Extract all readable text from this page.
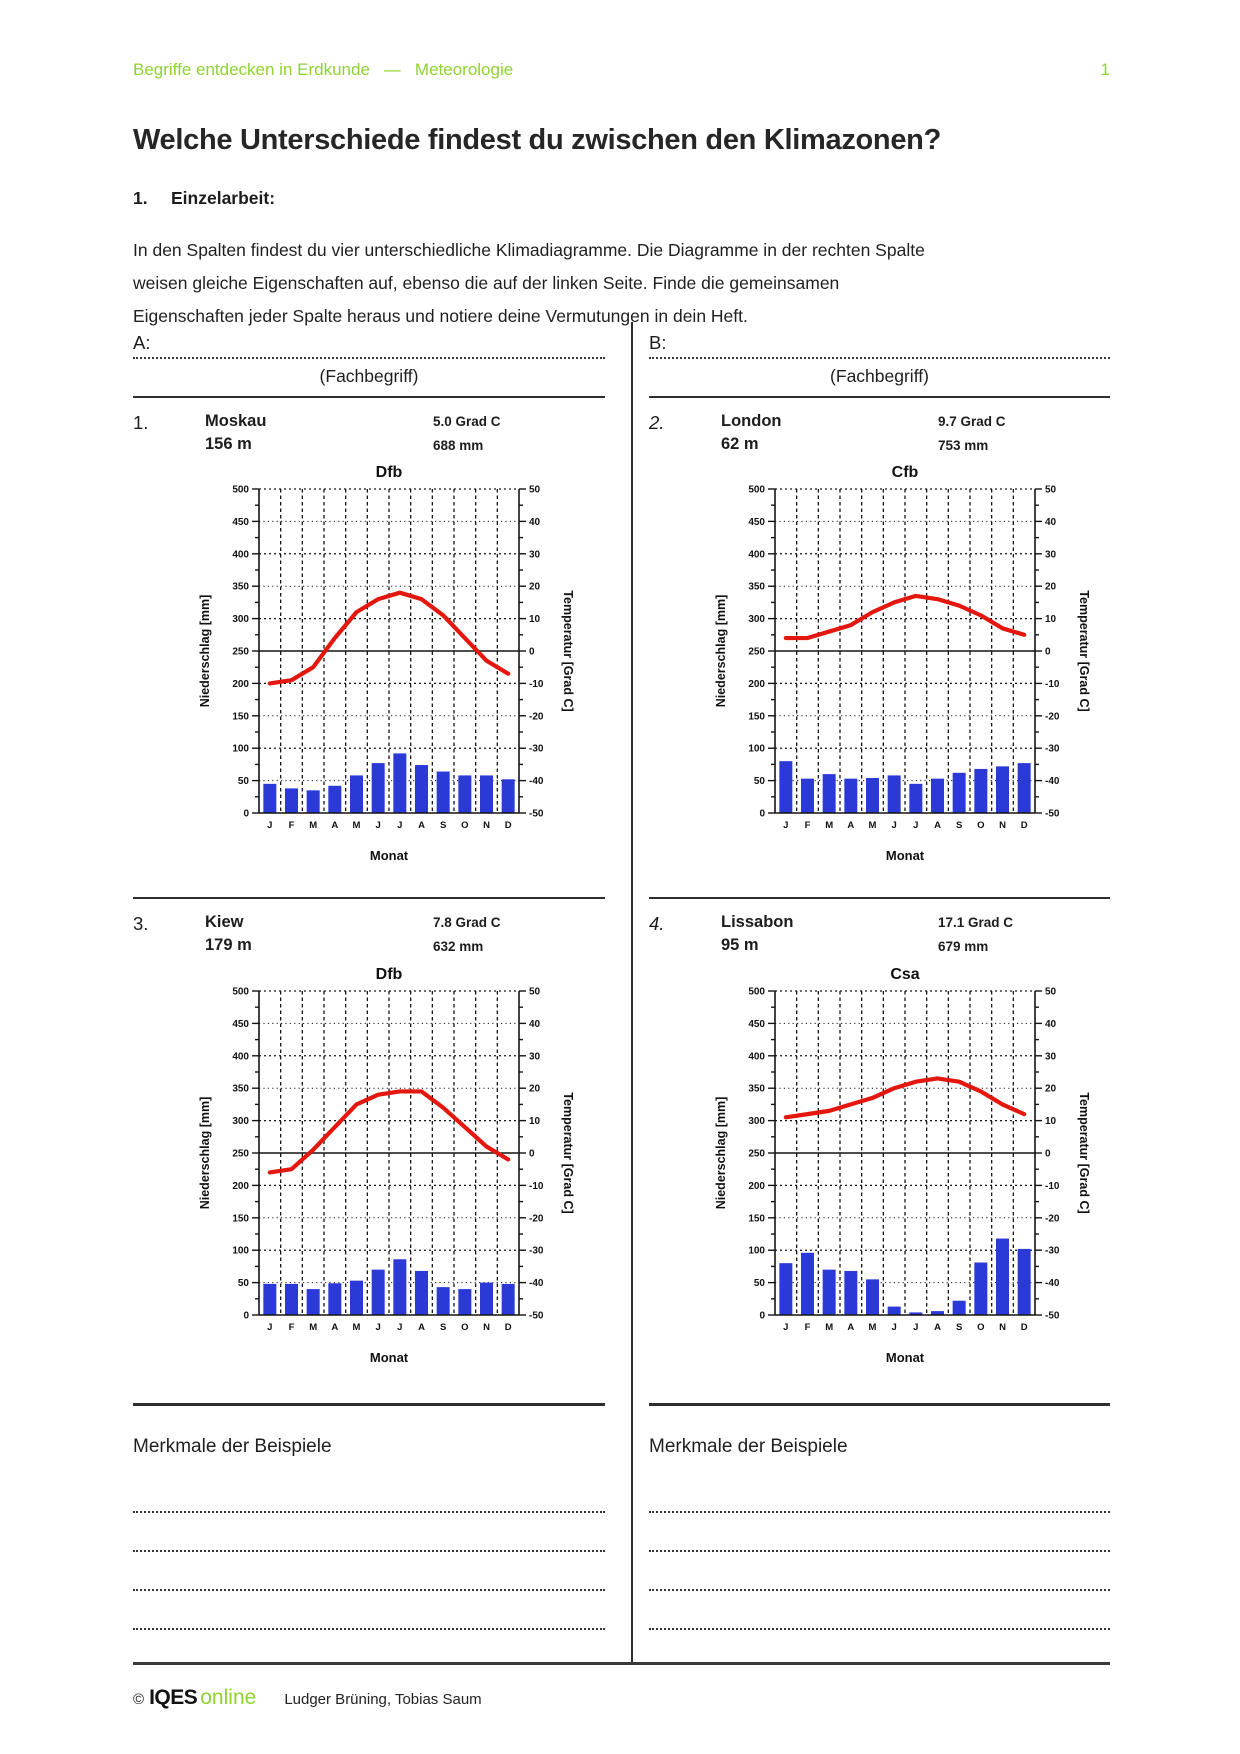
Begriffe entdecken in Erdkunde — Meteorologie	1
Welche Unterschiede findest du zwischen den Klimazonen?
1. Einzelarbeit:

In den Spalten findest du vier unterschiedliche Klimadiagramme. Die Diagramme in der rechten Spalte weisen gleiche Eigenschaften auf, ebenso die auf der linken Seite. Finde die gemeinsamen Eigenschaften jeder Spalte heraus und notiere deine Vermutungen in dein Heft.

A:
(Fachbegriff)
1.	Moskau
156 m
5.0 Grad C
688 mm
Dfb
0
50
100
150
200
250
300
350
400
450
500
-50
-40
-30
-20
-10
0
10
20
30
40
50
J F M A M J J A S O N D
Monat
Niederschlag [mm]	Temperatur [Grad C]
3.	Kiew
179 m
7.8 Grad C
632 mm
Dfb
0
50
100
150
200
250
300
350
400
450
500
-50
-40
-30
-20
-10
0
10
20
30
40
50
J F M A M J J A S O N D
Monat
Niederschlag [mm]	Temperatur [Grad C]
Merkmale der Beispiele
B:
(Fachbegriff)
2.	London
62 m
9.7 Grad C
753 mm
Cfb
0
50
100
150
200
250
300
350
400
450
500
-50
-40
-30
-20
-10
0
10
20
30
40
50
J F M A M J J A S O N D
Monat
Niederschlag [mm]	Temperatur [Grad C]
4.	Lissabon
95 m
17.1 Grad C
679 mm
Csa
0
50
100
150
200
250
300
350
400
450
500
-50
-40
-30
-20
-10
0
10
20
30
40
50
J F M A M J J A S O N D
Monat
Niederschlag [mm]	Temperatur [Grad C]
Merkmale der Beispiele
© IQES online Ludger Brüning, Tobias Saum
